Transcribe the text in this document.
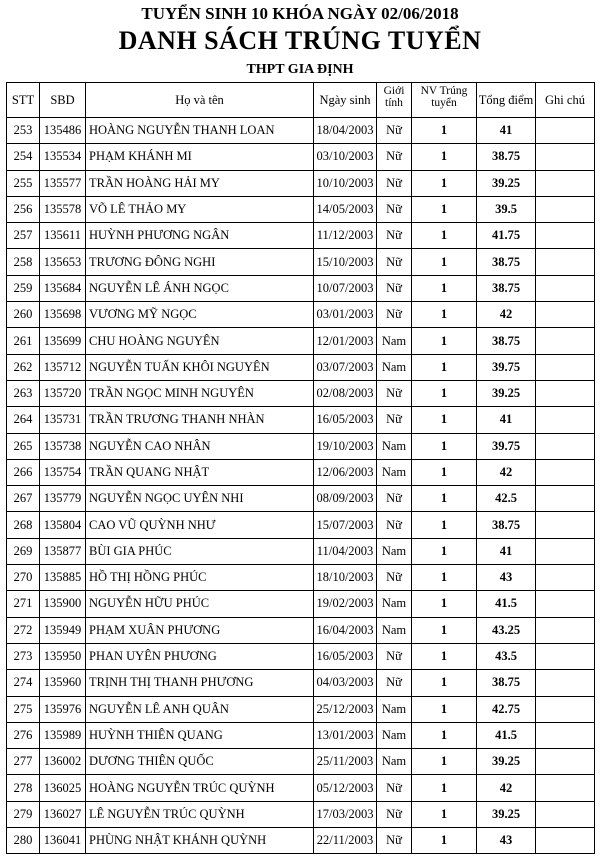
TUYỂN SINH 10 KHÓA NGÀY 02/06/2018
DANH SÁCH TRÚNG TUYỂN
THPT GIA ĐỊNH
STT	SBD	Họ và tên	Ngày sinh	Giới tính	NV Trúng tuyển	Tổng điểm	Ghi chú
253	135486	HOÀNG NGUYỄN THANH LOAN	18/04/2003	Nữ	1	41	
254	135534	PHẠM KHÁNH MI	03/10/2003	Nữ	1	38.75	
255	135577	TRẦN HOÀNG HẢI MY	10/10/2003	Nữ	1	39.25	
256	135578	VÕ LÊ THẢO MY	14/05/2003	Nữ	1	39.5	
257	135611	HUỲNH PHƯƠNG NGÂN	11/12/2003	Nữ	1	41.75	
258	135653	TRƯƠNG ĐÔNG NGHI	15/10/2003	Nữ	1	38.75	
259	135684	NGUYỄN LÊ ÁNH NGỌC	10/07/2003	Nữ	1	38.75	
260	135698	VƯƠNG MỸ NGỌC	03/01/2003	Nữ	1	42	
261	135699	CHU HOÀNG NGUYÊN	12/01/2003	Nam	1	38.75	
262	135712	NGUYỄN TUẤN KHÔI NGUYÊN	03/07/2003	Nam	1	39.75	
263	135720	TRẦN NGỌC MINH NGUYÊN	02/08/2003	Nữ	1	39.25	
264	135731	TRẦN TRƯƠNG THANH NHÀN	16/05/2003	Nữ	1	41	
265	135738	NGUYỄN CAO NHÂN	19/10/2003	Nam	1	39.75	
266	135754	TRẦN QUANG NHẬT	12/06/2003	Nam	1	42	
267	135779	NGUYỄN NGỌC UYÊN NHI	08/09/2003	Nữ	1	42.5	
268	135804	CAO VŨ QUỲNH NHƯ	15/07/2003	Nữ	1	38.75	
269	135877	BÙI GIA PHÚC	11/04/2003	Nam	1	41	
270	135885	HỒ THỊ HỒNG PHÚC	18/10/2003	Nữ	1	43	
271	135900	NGUYỄN HỮU PHÚC	19/02/2003	Nam	1	41.5	
272	135949	PHẠM XUÂN PHƯƠNG	16/04/2003	Nam	1	43.25	
273	135950	PHAN UYÊN PHƯƠNG	16/05/2003	Nữ	1	43.5	
274	135960	TRỊNH THỊ THANH PHƯƠNG	04/03/2003	Nữ	1	38.75	
275	135976	NGUYỄN LÊ ANH QUÂN	25/12/2003	Nam	1	42.75	
276	135989	HUỲNH THIÊN QUANG	13/01/2003	Nam	1	41.5	
277	136002	DƯƠNG THIÊN QUỐC	25/11/2003	Nam	1	39.25	
278	136025	HOÀNG NGUYỄN TRÚC QUỲNH	05/12/2003	Nữ	1	42	
279	136027	LÊ NGUYỄN TRÚC QUỲNH	17/03/2003	Nữ	1	39.25	
280	136041	PHÙNG NHẬT KHÁNH QUỲNH	22/11/2003	Nữ	1	43	
